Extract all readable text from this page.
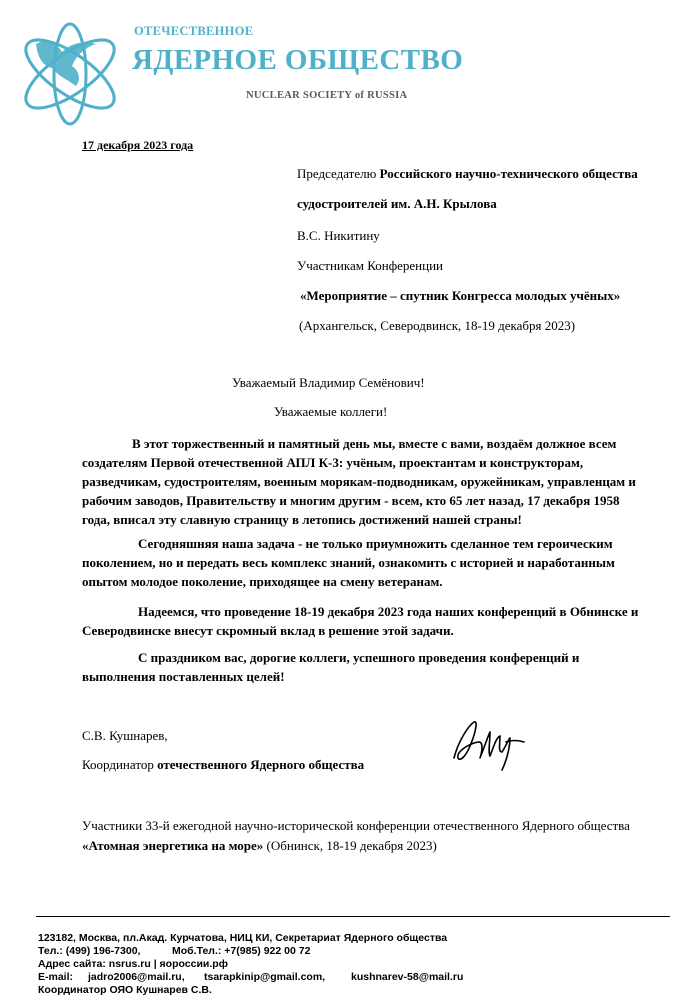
ОТЕЧЕСТВЕННОЕ
ЯДЕРНОЕ ОБЩЕСТВО
NUCLEAR SOCIETY of RUSSIA
17 декабря 2023 года
Председателю Российского научно-технического общества
судостроителей им. А.Н. Крылова
В.С. Никитину
Участникам Конференции
«Мероприятие – спутник Конгресса молодых учёных»
(Архангельск, Северодвинск, 18-19 декабря 2023)
Уважаемый Владимир Семёнович!
Уважаемые коллеги!
В этот торжественный и памятный день мы, вместе с вами, воздаём должное всем создателям Первой отечественной АПЛ К-3: учёным, проектантам и конструкторам, разведчикам, судостроителям, военным морякам-подводникам, оружейникам, управленцам и рабочим заводов, Правительству и многим другим - всем, кто 65 лет назад, 17 декабря 1958 года, вписал эту славную страницу в летопись достижений нашей страны!
Сегодняшняя наша задача - не только приумножить сделанное тем героическим поколением, но и передать весь комплекс знаний, ознакомить с историей и наработанным опытом молодое поколение, приходящее на смену ветеранам.
Надеемся, что проведение 18-19 декабря 2023 года наших конференций в Обнинске и Северодвинске внесут скромный вклад в решение этой задачи.
С праздником вас, дорогие коллеги, успешного проведения конференций и выполнения поставленных целей!
С.В. Кушнарев,
Координатор отечественного Ядерного общества
Участники 33-й ежегодной научно-исторической конференции отечественного Ядерного общества
«Атомная энергетика на море» (Обнинск, 18-19 декабря 2023)
123182, Москва, пл.Акад. Курчатова, НИЦ КИ, Секретариат Ядерного общества
Тел.: (499) 196-7300,	Моб.Тел.: +7(985) 922 00 72
Адрес сайта: nsrus.ru | яороссии.рф
E-mail: jadro2006@mail.ru, tsarapkinip@gmail.com, kushnarev-58@mail.ru
Координатор ОЯО Кушнарев С.В.
